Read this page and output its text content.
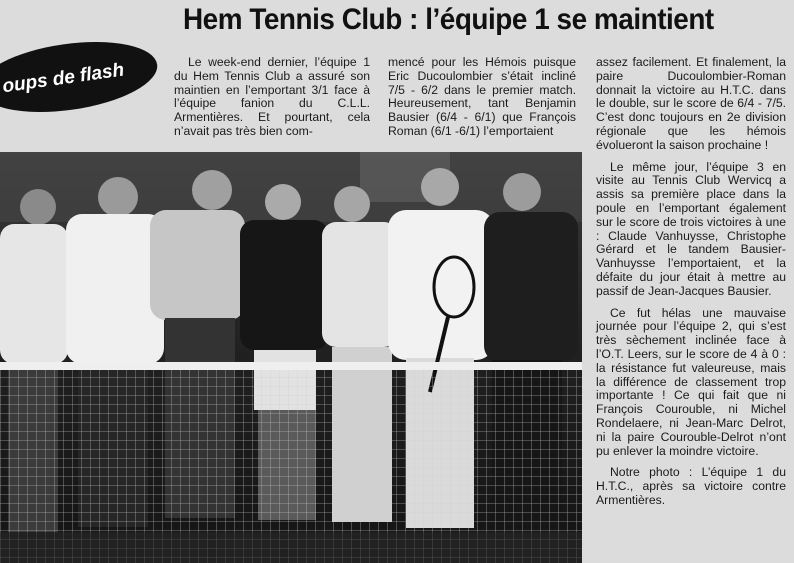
Hem Tennis Club : l’équipe 1 se maintient
oups de flash	Le week-end dernier, l’équipe 1 du Hem Tennis Club a assuré son maintien en l’emportant 3/1 face à l’équipe fanion du C.L.L. Armentières. Et pourtant, cela n’avait pas très bien com-

mencé pour les Hémois puisque Eric Ducoulombier s’était incliné 7/5 - 6/2 dans le premier match. Heureusement, tant Benjamin Bausier (6/4 - 6/1) que François Roman (6/1 -6/1) l’emportaient

assez facilement. Et finalement, la paire Ducoulombier-Roman donnait la victoire au H.T.C. dans le double, sur le score de 6/4 - 7/5. C’est donc toujours en 2e division régionale que les hémois évolueront la saison prochaine !

Le même jour, l’équipe 3 en visite au Tennis Club Wervicq a assis sa première place dans la poule en l’emportant également sur le score de trois victoires à une : Claude Vanhuysse, Christophe Gérard et le tandem Bausier-Vanhuysse l’emportaient, et la défaite du jour était à mettre au passif de Jean-Jacques Bausier.

Ce fut hélas une mauvaise journée pour l’équipe 2, qui s’est très sèchement inclinée face à l’O.T. Leers, sur le score de 4 à 0 : la résistance fut valeureuse, mais la différence de classement trop importante ! Ce qui fait que ni François Courouble, ni Michel Rondelaere, ni Jean-Marc Delrot, ni la paire Courouble-Delrot n’ont pu enlever la moindre victoire.

Notre photo : L’équipe 1 du H.T.C., après sa victoire contre Armentières.
